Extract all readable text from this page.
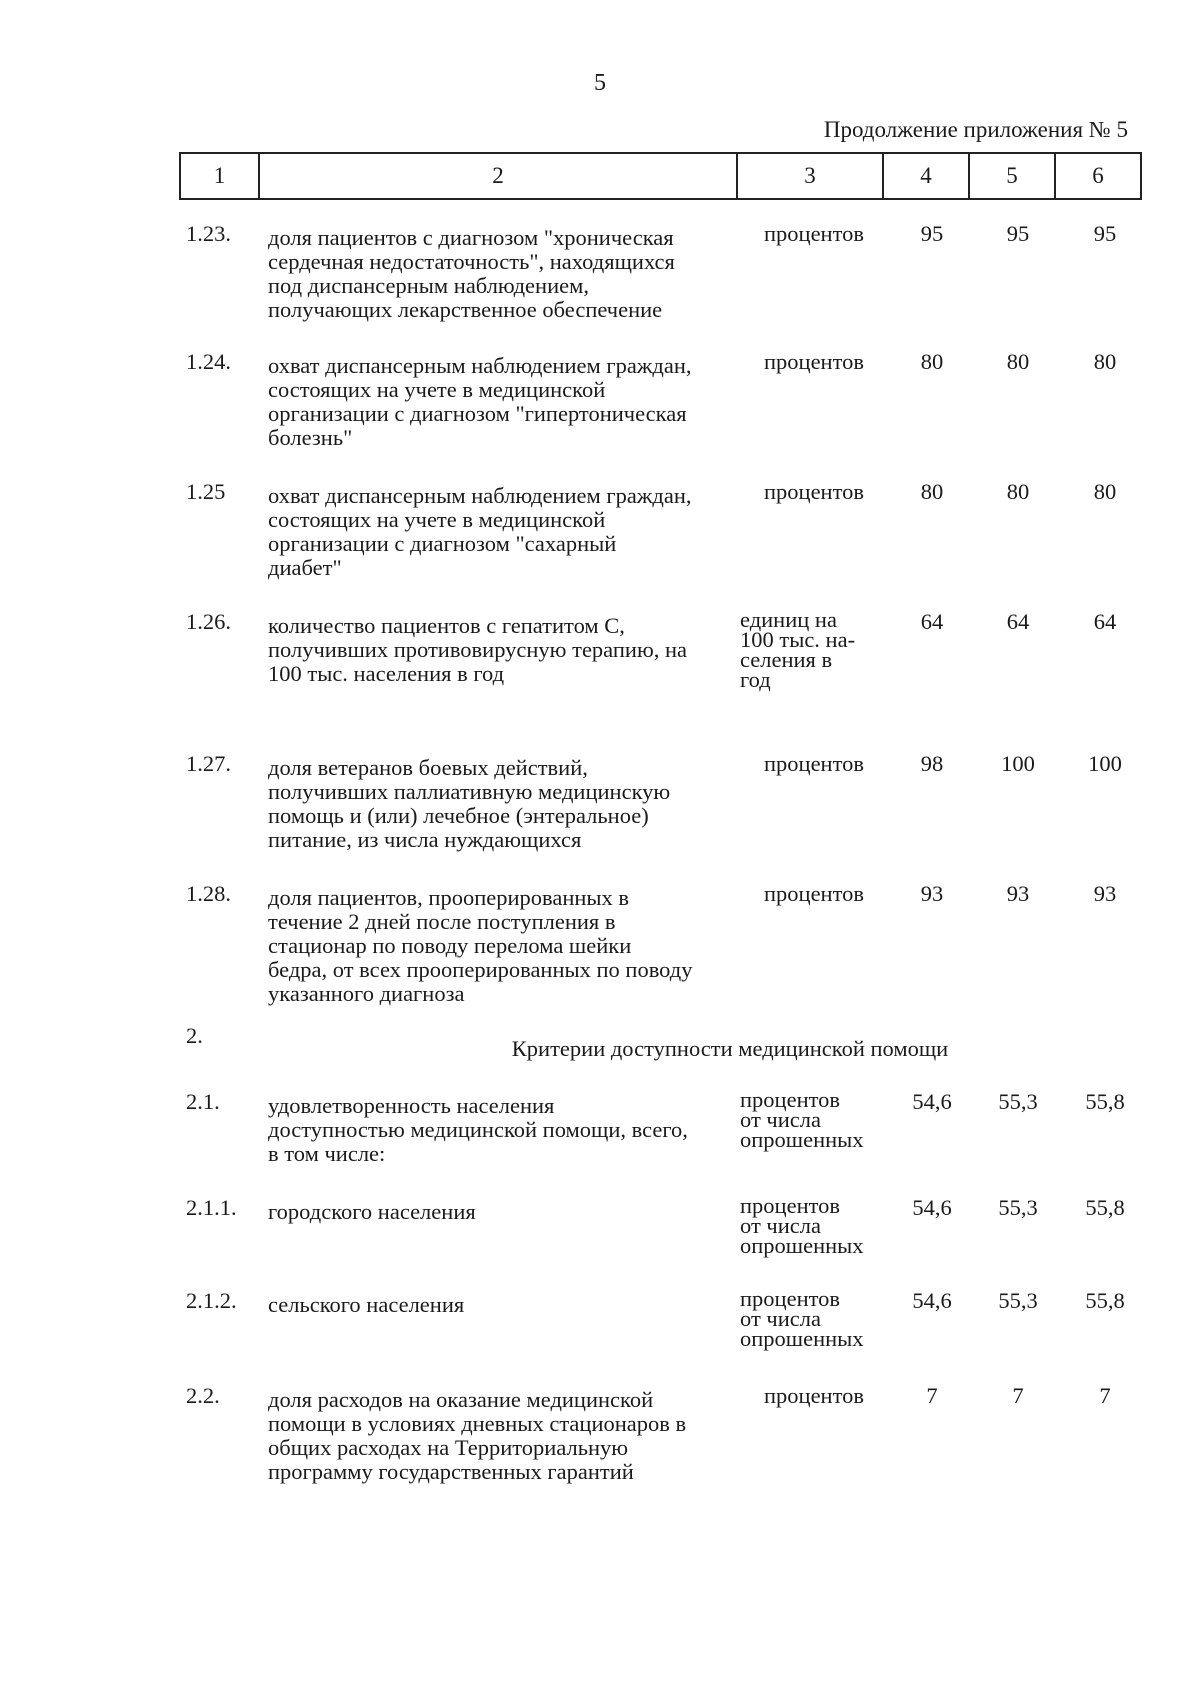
5
Продолжение приложения № 5
1	2	3	4	5	6
1.23.	доля пациентов с диагнозом "хроническая
сердечная недостаточность", находящихся
под диспансерным наблюдением,
получающих лекарственное обеспечение
процентов	95	95	95
1.24.	охват диспансерным наблюдением граждан,
состоящих на учете в медицинской
организации с диагнозом "гипертоническая
болезнь"
процентов	80	80	80
1.25	охват диспансерным наблюдением граждан,
состоящих на учете в медицинской
организации с диагнозом "сахарный
диабет"
процентов	80	80	80
1.26.	количество пациентов с гепатитом С,
получивших противовирусную терапию, на
100 тыс. населения в год
единиц на
100 тыс. на-
селения в
год
64	64	64
1.27.	доля ветеранов боевых действий,
получивших паллиативную медицинскую
помощь и (или) лечебное (энтеральное)
питание, из числа нуждающихся
процентов	98	100	100
1.28.	доля пациентов, прооперированных в
течение 2 дней после поступления в
стационар по поводу перелома шейки
бедра, от всех прооперированных по поводу
указанного диагноза
процентов	93	93	93
2.
Критерии доступности медицинской помощи
2.1.	удовлетворенность населения
доступностью медицинской помощи, всего,
в том числе:
процентов
от числа
опрошенных
54,6	55,3	55,8
2.1.1.	городского населения	процентов
от числа
опрошенных
54,6	55,3	55,8
2.1.2.	сельского населения	процентов
от числа
опрошенных
54,6	55,3	55,8
2.2.	доля расходов на оказание медицинской
помощи в условиях дневных стационаров в
общих расходах на Территориальную
программу государственных гарантий
процентов	7	7	7
